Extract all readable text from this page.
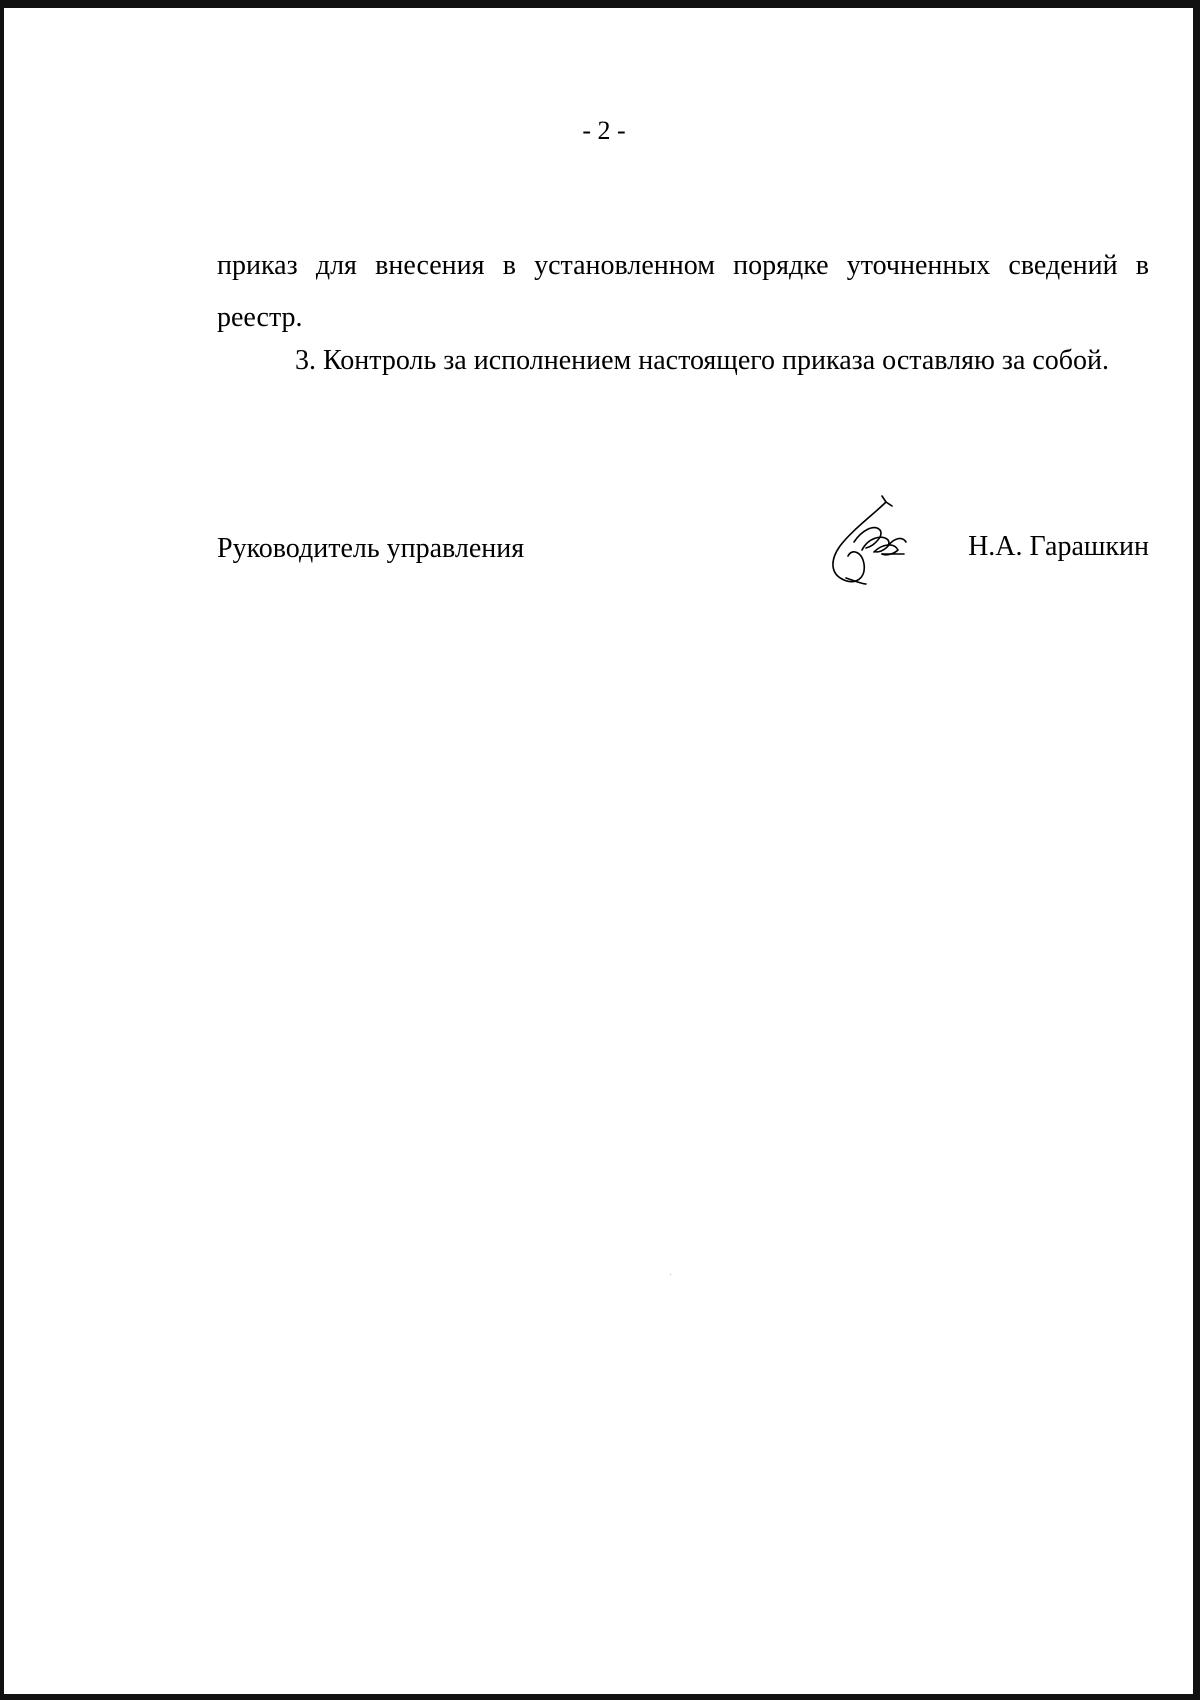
- 2 -

приказ для внесения в установленном порядке уточненных сведений в реестр.

3. Контроль за исполнением настоящего приказа оставляю за собой.

Руководитель управления	Н.А. Гарашкин
